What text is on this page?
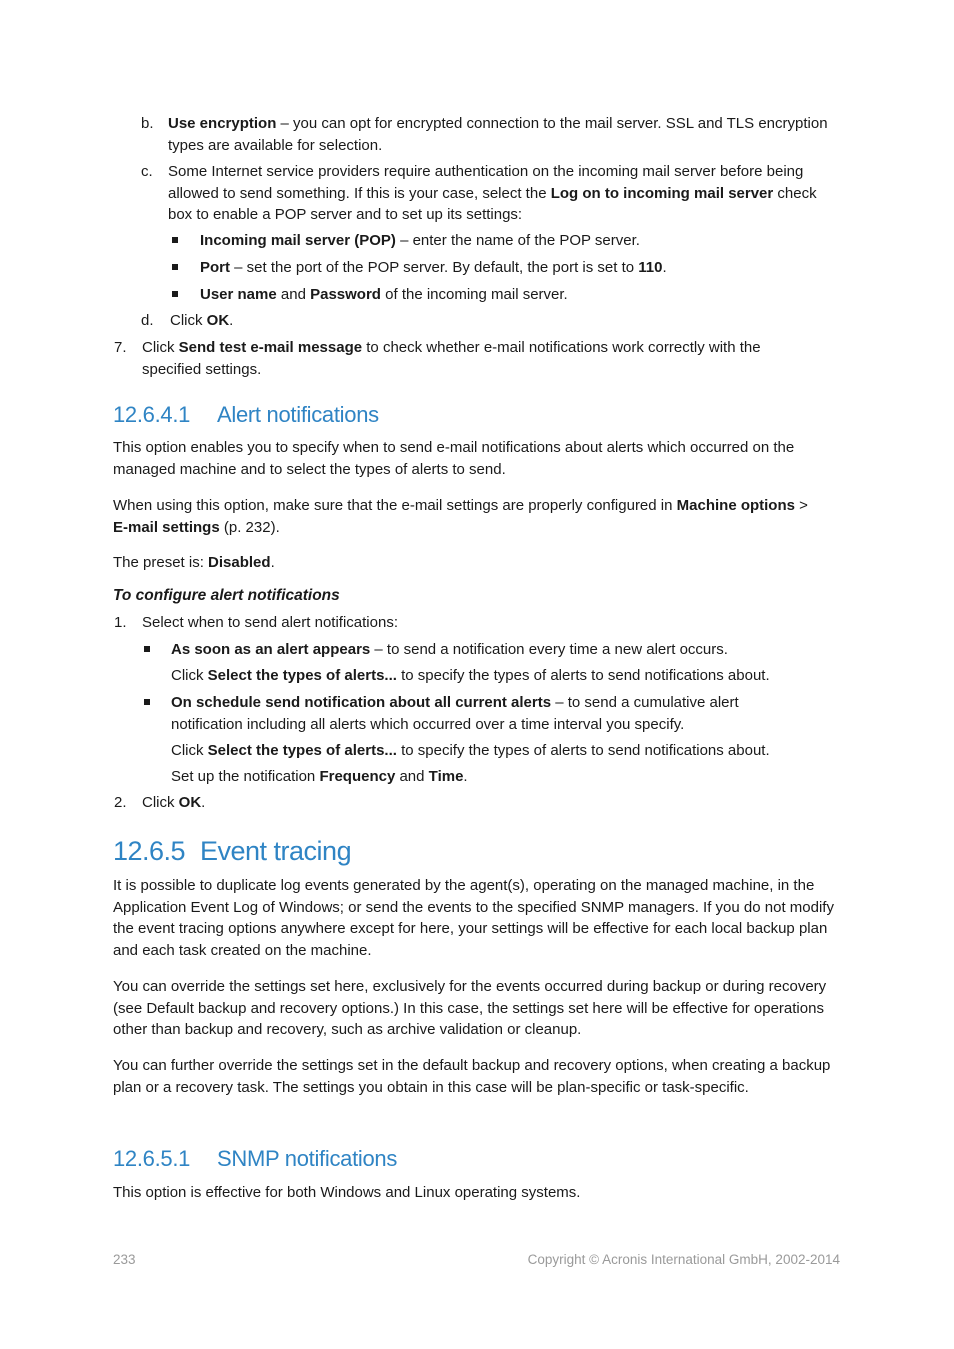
b. Use encryption – you can opt for encrypted connection to the mail server. SSL and TLS encryption types are available for selection.
c. Some Internet service providers require authentication on the incoming mail server before being allowed to send something. If this is your case, select the Log on to incoming mail server check box to enable a POP server and to set up its settings:
Incoming mail server (POP) – enter the name of the POP server.
Port – set the port of the POP server. By default, the port is set to 110.
User name and Password of the incoming mail server.
d. Click OK.
7. Click Send test e-mail message to check whether e-mail notifications work correctly with the specified settings.
12.6.4.1 Alert notifications
This option enables you to specify when to send e-mail notifications about alerts which occurred on the managed machine and to select the types of alerts to send.
When using this option, make sure that the e-mail settings are properly configured in Machine options > E-mail settings (p. 232).
The preset is: Disabled.
To configure alert notifications
1. Select when to send alert notifications:
As soon as an alert appears – to send a notification every time a new alert occurs.
Click Select the types of alerts... to specify the types of alerts to send notifications about.
On schedule send notification about all current alerts – to send a cumulative alert notification including all alerts which occurred over a time interval you specify.
Click Select the types of alerts... to specify the types of alerts to send notifications about.
Set up the notification Frequency and Time.
2. Click OK.
12.6.5 Event tracing
It is possible to duplicate log events generated by the agent(s), operating on the managed machine, in the Application Event Log of Windows; or send the events to the specified SNMP managers. If you do not modify the event tracing options anywhere except for here, your settings will be effective for each local backup plan and each task created on the machine.
You can override the settings set here, exclusively for the events occurred during backup or during recovery (see Default backup and recovery options.) In this case, the settings set here will be effective for operations other than backup and recovery, such as archive validation or cleanup.
You can further override the settings set in the default backup and recovery options, when creating a backup plan or a recovery task. The settings you obtain in this case will be plan-specific or task-specific.
12.6.5.1 SNMP notifications
This option is effective for both Windows and Linux operating systems.
233	Copyright © Acronis International GmbH, 2002-2014
